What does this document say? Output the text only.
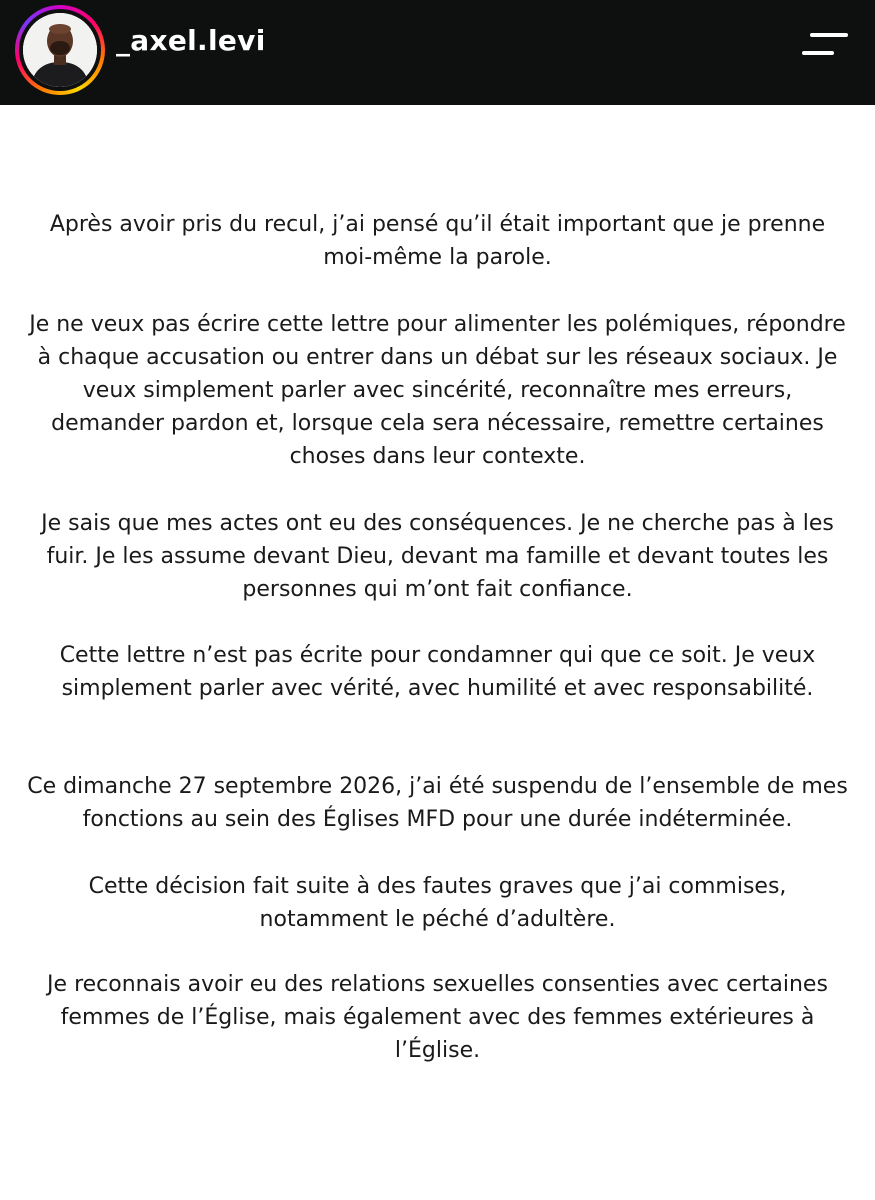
_axel.levi

Après avoir pris du recul, j’ai pensé qu’il était important que je prenne
moi-même la parole.

Je ne veux pas écrire cette lettre pour alimenter les polémiques, répondre
à chaque accusation ou entrer dans un débat sur les réseaux sociaux. Je
veux simplement parler avec sincérité, reconnaître mes erreurs,
demander pardon et, lorsque cela sera nécessaire, remettre certaines
choses dans leur contexte.

Je sais que mes actes ont eu des conséquences. Je ne cherche pas à les
fuir. Je les assume devant Dieu, devant ma famille et devant toutes les
personnes qui m’ont fait confiance.

Cette lettre n’est pas écrite pour condamner qui que ce soit. Je veux
simplement parler avec vérité, avec humilité et avec responsabilité.

Ce dimanche 27 septembre 2026, j’ai été suspendu de l’ensemble de mes
fonctions au sein des Églises MFD pour une durée indéterminée.

Cette décision fait suite à des fautes graves que j’ai commises,
notamment le péché d’adultère.

Je reconnais avoir eu des relations sexuelles consenties avec certaines
femmes de l’Église, mais également avec des femmes extérieures à
l’Église.
